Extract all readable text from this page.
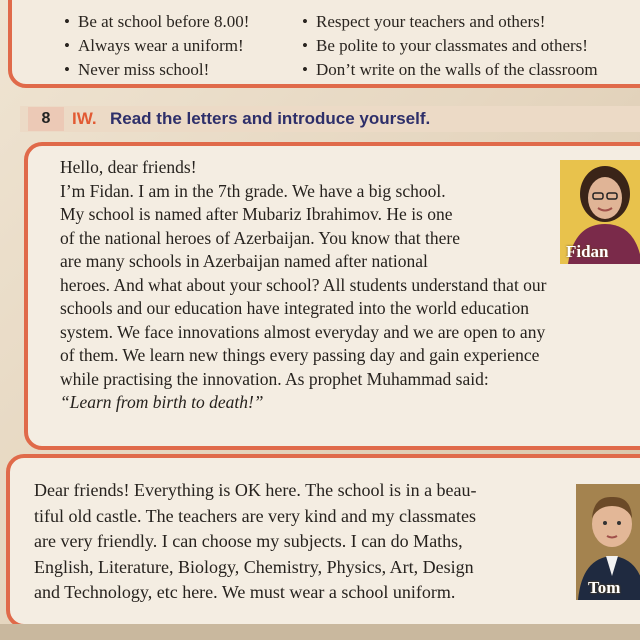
• Be at school before 8.00!
• Always wear a uniform!
• Never miss school!
• Respect your teachers and others!
• Be polite to your classmates and others!
• Don’t write on the walls of the classroom
8	IW. Read the letters and introduce yourself.
Hello, dear friends!
I’m Fidan. I am in the 7th grade. We have a big school.
My school is named after Mubariz Ibrahimov. He is one
of the national heroes of Azerbaijan. You know that there
are many schools in Azerbaijan named after national
heroes. And what about your school? All students understand that our
schools and our education have integrated into the world education
system. We face innovations almost everyday and we are open to any
of them. We learn new things every passing day and gain experience
while practising the innovation. As prophet Muhammad said:
“Learn from birth to death!”
Fidan
Dear friends! Everything is OK here. The school is in a beau-
tiful old castle. The teachers are very kind and my classmates
are very friendly. I can choose my subjects. I can do Maths,
English, Literature, Biology, Chemistry, Physics, Art, Design
and Technology, etc here. We must wear a school uniform.	Tom
